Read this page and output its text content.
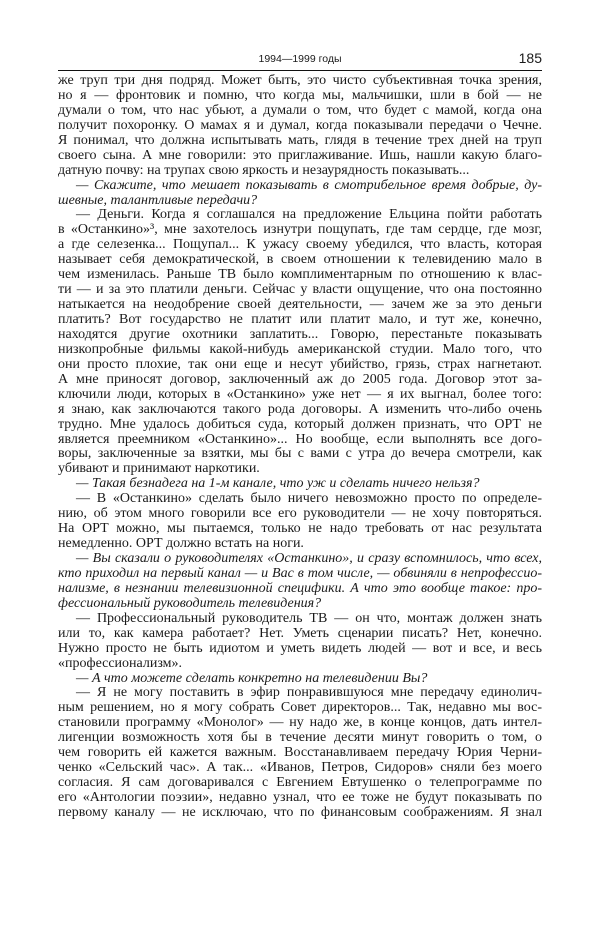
1994—1999 годы	185
же труп три дня подряд. Может быть, это чисто субъективная точка зрения,
но я — фронтовик и помню, что когда мы, мальчишки, шли в бой — не
думали о том, что нас убьют, а думали о том, что будет с мамой, когда она
получит похоронку. О мамах я и думал, когда показывали передачи о Чечне.
Я понимал, что должна испытывать мать, глядя в течение трех дней на труп
своего сына. А мне говорили: это приглаживание. Ишь, нашли какую благо-
датную почву: на трупах свою яркость и незаурядность показывать...
— Скажите, что мешает показывать в смотрибельное время добрые, ду-
шевные, талантливые передачи?
— Деньги. Когда я соглашался на предложение Ельцина пойти работать
в «Останкино»³, мне захотелось изнутри пощупать, где там сердце, где мозг,
а где селезенка... Пощупал... К ужасу своему убедился, что власть, которая
называет себя демократической, в своем отношении к телевидению мало в
чем изменилась. Раньше ТВ было комплиментарным по отношению к влас-
ти — и за это платили деньги. Сейчас у власти ощущение, что она постоянно
натыкается на неодобрение своей деятельности, — зачем же за это деньги
платить? Вот государство не платит или платит мало, и тут же, конечно,
находятся другие охотники заплатить... Говорю, перестаньте показывать
низкопробные фильмы какой-нибудь американской студии. Мало того, что
они просто плохие, так они еще и несут убийство, грязь, страх нагнетают.
А мне приносят договор, заключенный аж до 2005 года. Договор этот за-
ключили люди, которых в «Останкино» уже нет — я их выгнал, более того:
я знаю, как заключаются такого рода договоры. А изменить что-либо очень
трудно. Мне удалось добиться суда, который должен признать, что ОРТ не
является преемником «Останкино»... Но вообще, если выполнять все дого-
воры, заключенные за взятки, мы бы с вами с утра до вечера смотрели, как
убивают и принимают наркотики.
— Такая безнадега на 1-м канале, что уж и сделать ничего нельзя?
— В «Останкино» сделать было ничего невозможно просто по определе-
нию, об этом много говорили все его руководители — не хочу повторяться.
На ОРТ можно, мы пытаемся, только не надо требовать от нас результата
немедленно. ОРТ должно встать на ноги.
— Вы сказали о руководителях «Останкино», и сразу вспомнилось, что всех,
кто приходил на первый канал — и Вас в том числе, — обвиняли в непрофессио-
нализме, в незнании телевизионной специфики. А что это вообще такое: про-
фессиональный руководитель телевидения?
— Профессиональный руководитель ТВ — он что, монтаж должен знать
или то, как камера работает? Нет. Уметь сценарии писать? Нет, конечно.
Нужно просто не быть идиотом и уметь видеть людей — вот и все, и весь
«профессионализм».
— А что можете сделать конкретно на телевидении Вы?
— Я не могу поставить в эфир понравившуюся мне передачу единолич-
ным решением, но я могу собрать Совет директоров... Так, недавно мы вос-
становили программу «Монолог» — ну надо же, в конце концов, дать интел-
лигенции возможность хотя бы в течение десяти минут говорить о том, о
чем говорить ей кажется важным. Восстанавливаем передачу Юрия Черни-
ченко «Сельский час». А так... «Иванов, Петров, Сидоров» сняли без моего
согласия. Я сам договаривался с Евгением Евтушенко о телепрограмме по
его «Антологии поэзии», недавно узнал, что ее тоже не будут показывать по
первому каналу — не исключаю, что по финансовым соображениям. Я знал
